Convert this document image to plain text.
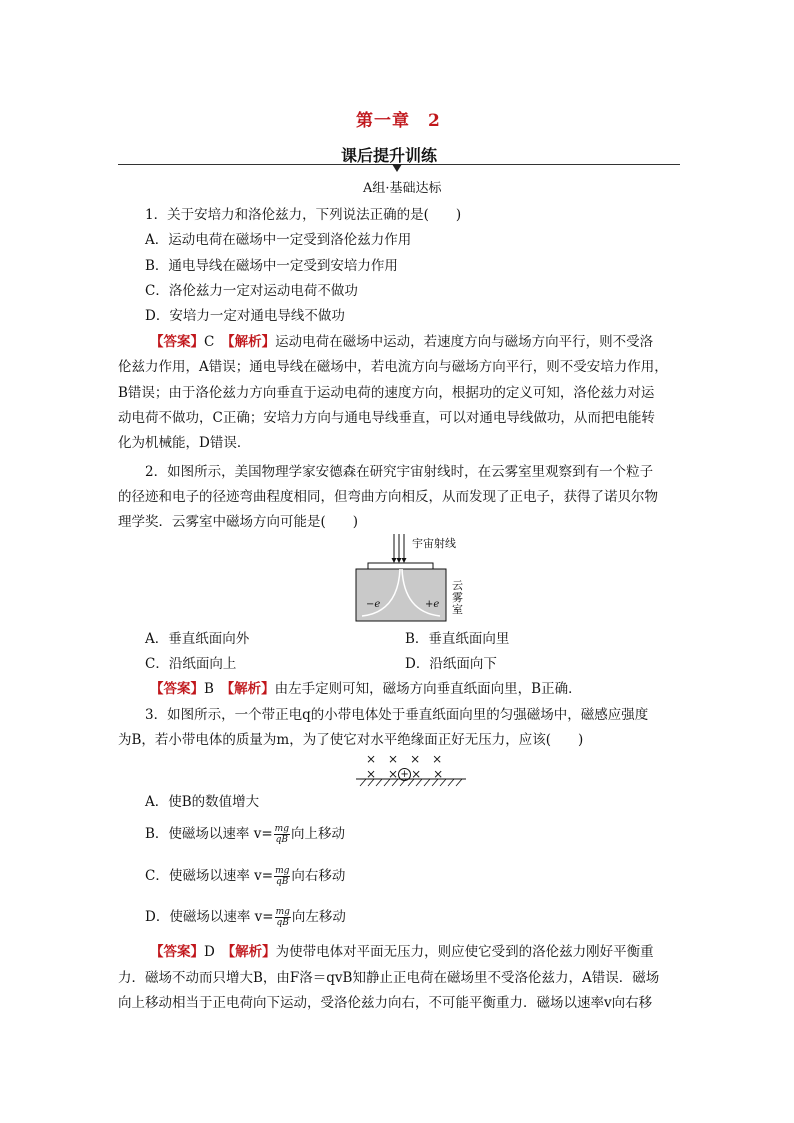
第一章　2
课后提升训练
A组·基础达标
1．关于安培力和洛伦兹力，下列说法正确的是(　　)
A．运动电荷在磁场中一定受到洛伦兹力作用
B．通电导线在磁场中一定受到安培力作用
C．洛伦兹力一定对运动电荷不做功
D．安培力一定对通电导线不做功
【答案】C　 【解析】运动电荷在磁场中运动，若速度方向与磁场方向平行，则不受洛
伦兹力作用，A错误；通电导线在磁场中，若电流方向与磁场方向平行，则不受安培力作用，
B错误；由于洛伦兹力方向垂直于运动电荷的速度方向，根据功的定义可知，洛伦兹力对运
动电荷不做功，C正确；安培力方向与通电导线垂直，可以对通电导线做功，从而把电能转
化为机械能，D错误．
2．如图所示，美国物理学家安德森在研究宇宙射线时，在云雾室里观察到有一个粒子
的径迹和电子的径迹弯曲程度相同，但弯曲方向相反，从而发现了正电子，获得了诺贝尔物
理学奖．云雾室中磁场方向可能是(　　)
宇宙射线
云雾室
−e	+e
A．垂直纸面向外	B．垂直纸面向里
C．沿纸面向上	D．沿纸面向下
【答案】B　 【解析】由左手定则可知，磁场方向垂直纸面向里，B正确．
3．如图所示，一个带正电q的小带电体处于垂直纸面向里的匀强磁场中，磁感应强度
为B，若小带电体的质量为m，为了使它对水平绝缘面正好无压力，应该(　　)
×　×　×　×
×　× + ×　×
A．使B的数值增大
B．使磁场以速率 $v= \frac{mg}{qB}$ 向上移动
C．使磁场以速率 $v= \frac{mg}{qB}$ 向右移动
D．使磁场以速率 $v= \frac{mg}{qB}$ 向左移动
【答案】D　 【解析】为使带电体对平面无压力，则应使它受到的洛伦兹力刚好平衡重
力．磁场不动而只增大B，由F洛＝qvB知静止正电荷在磁场里不受洛伦兹力，A错误．磁场
向上移动相当于正电荷向下运动，受洛伦兹力向右，不可能平衡重力．磁场以速率v向右移
